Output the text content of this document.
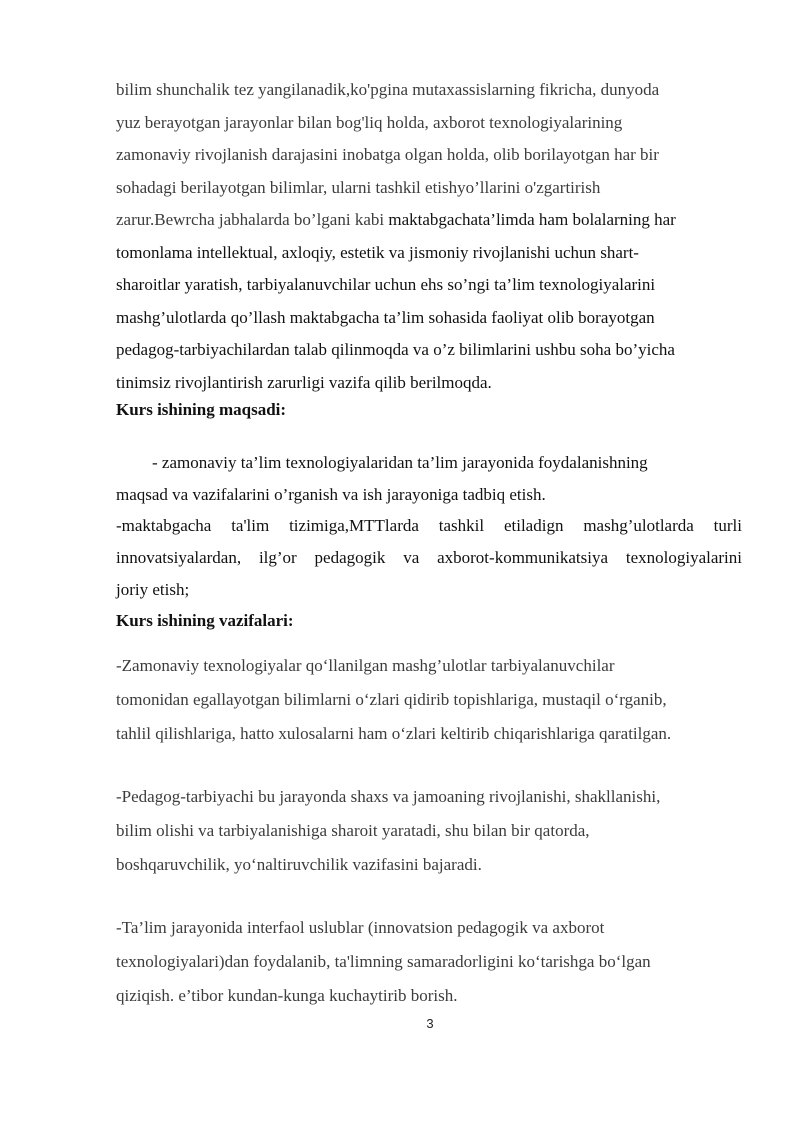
bilim shunchalik tez yangilanadik,ko'pgina mutaxassislarning fikricha, dunyoda
yuz berayotgan jarayonlar bilan bog'liq holda, axborot texnologiyalarining
zamonaviy rivojlanish darajasini inobatga olgan holda, olib borilayotgan har bir
sohadagi berilayotgan bilimlar, ularni tashkil etishyo’llarini o'zgartirish
zarur.Bewrcha jabhalarda bo’lgani kabi maktabgachata’limda ham bolalarning har
tomonlama intellektual, axloqiy, estetik va jismoniy rivojlanishi uchun shart-
sharoitlar yaratish, tarbiyalanuvchilar uchun ehs so’ngi ta’lim texnologiyalarini
mashg’ulotlarda qo’llash maktabgacha ta’lim sohasida faoliyat olib borayotgan
pedagog-tarbiyachilardan talab qilinmoqda va o’z bilimlarini ushbu soha bo’yicha
tinimsiz rivojlantirish zarurligi vazifa qilib berilmoqda.
Kurs ishining maqsadi:
- zamonaviy ta’lim texnologiyalaridan ta’lim jarayonida foydalanishning
maqsad va vazifalarini o’rganish va ish jarayoniga tadbiq etish.
-maktabgacha ta'lim tizimiga,MTTlarda tashkil etiladign mashg’ulotlarda turli
innovatsiyalardan, ilg’or pedagogik va axborot-kommunikatsiya texnologiyalarini
joriy etish;
Kurs ishining vazifalari:
-Zamonaviy texnologiyalar qo‘llanilgan mashg’ulotlar tarbiyalanuvchilar
tomonidan egallayotgan bilimlarni o‘zlari qidirib topishlariga, mustaqil o‘rganib,
tahlil qilishlariga, hatto xulosalarni ham o‘zlari keltirib chiqarishlariga qaratilgan.
-Pedagog-tarbiyachi bu jarayonda shaxs va jamoaning rivojlanishi, shakllanishi,
bilim olishi va tarbiyalanishiga sharoit yaratadi, shu bilan bir qatorda,
boshqaruvchilik, yo‘naltiruvchilik vazifasini bajaradi.
-Ta’lim jarayonida interfaol uslublar (innovatsion pedagogik va axborot
texnologiyalari)dan foydalanib, ta'limning samaradorligini ko‘tarishga bo‘lgan
qiziqish. e’tibor kundan-kunga kuchaytirib borish.
3
